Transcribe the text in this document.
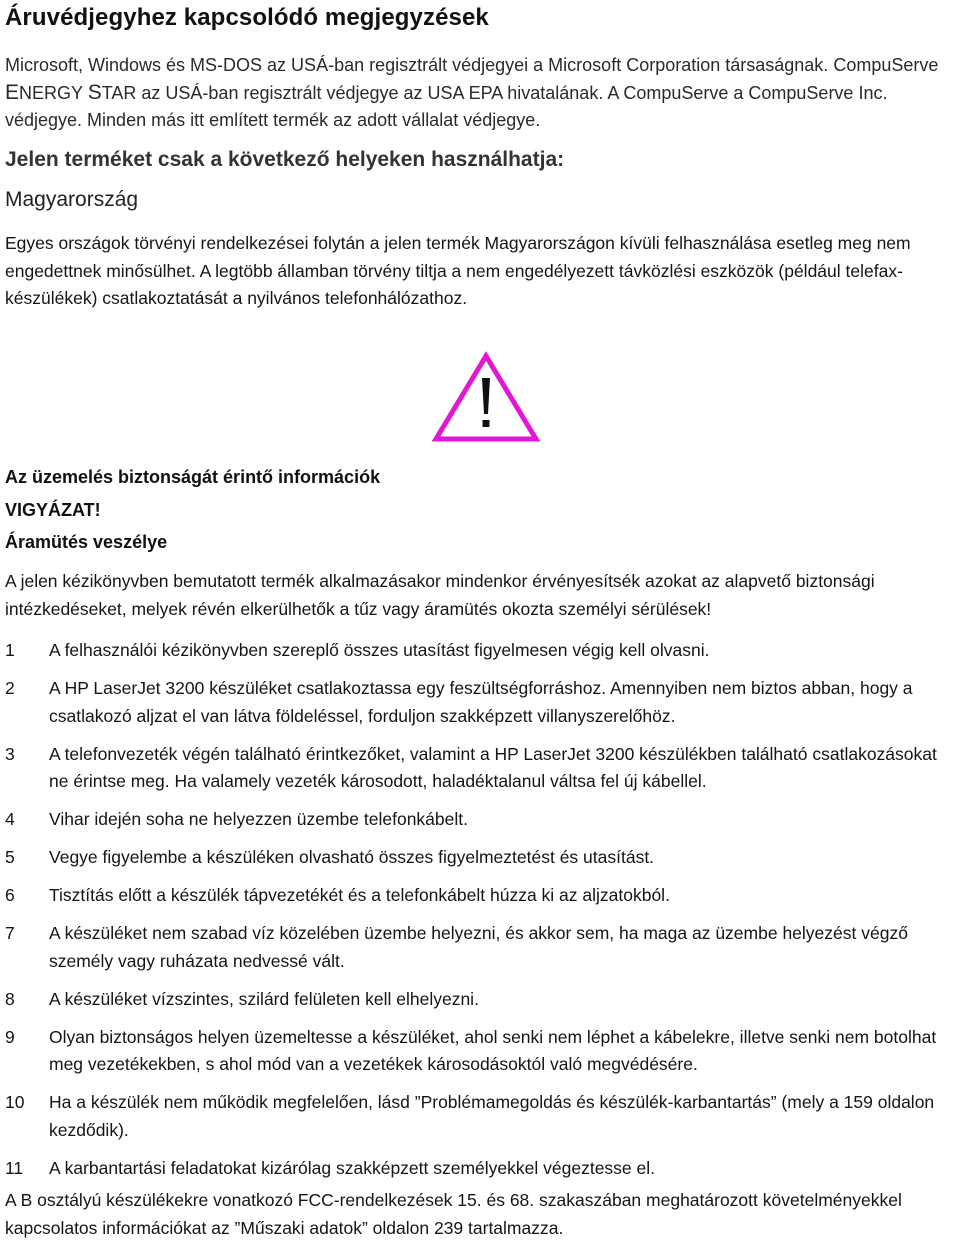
Áruvédjegyhez kapcsolódó megjegyzések
Microsoft, Windows és MS-DOS az USÁ-ban regisztrált védjegyei a Microsoft Corporation társaságnak. CompuServe ENERGY STAR az USÁ-ban regisztrált védjegye az USA EPA hivatalának. A CompuServe a CompuServe Inc. védjegye. Minden más itt említett termék az adott vállalat védjegye.
Jelen terméket csak a következő helyeken használhatja:
Magyarország
Egyes országok törvényi rendelkezései folytán a jelen termék Magyarországon kívüli felhasználása esetleg meg nem engedettnek minősülhet. A legtöbb államban törvény tiltja a nem engedélyezett távközlési eszközök (például telefax-készülékek) csatlakoztatását a nyilvános telefonhálózathoz.
Az üzemelés biztonságát érintő információk
VIGYÁZAT!
Áramütés veszélye
A jelen kézikönyvben bemutatott termék alkalmazásakor mindenkor érvényesítsék azokat az alapvető biztonsági intézkedéseket, melyek révén elkerülhetők a tűz vagy áramütés okozta személyi sérülések!
1	A felhasználói kézikönyvben szereplő összes utasítást figyelmesen végig kell olvasni.
2	A HP LaserJet 3200 készüléket csatlakoztassa egy feszültségforráshoz. Amennyiben nem biztos abban, hogy a csatlakozó aljzat el van látva földeléssel, forduljon szakképzett villanyszerelőhöz.
3	A telefonvezeték végén található érintkezőket, valamint a HP LaserJet 3200 készülékben található csatlakozásokat ne érintse meg. Ha valamely vezeték károsodott, haladéktalanul váltsa fel új kábellel.
4	Vihar idején soha ne helyezzen üzembe telefonkábelt.
5	Vegye figyelembe a készüléken olvasható összes figyelmeztetést és utasítást.
6	Tisztítás előtt a készülék tápvezetékét és a telefonkábelt húzza ki az aljzatokból.
7	A készüléket nem szabad víz közelében üzembe helyezni, és akkor sem, ha maga az üzembe helyezést végző személy vagy ruházata nedvessé vált.
8	A készüléket vízszintes, szilárd felületen kell elhelyezni.
9	Olyan biztonságos helyen üzemeltesse a készüléket, ahol senki nem léphet a kábelekre, illetve senki nem botolhat meg vezetékekben, s ahol mód van a vezetékek károsodásoktól való megvédésére.
10	Ha a készülék nem működik megfelelően, lásd ”Problémamegoldás és készülék-karbantartás” (mely a 159 oldalon kezdődik).
11	A karbantartási feladatokat kizárólag szakképzett személyekkel végeztesse el.
A B osztályú készülékekre vonatkozó FCC-rendelkezések 15. és 68. szakaszában meghatározott követelményekkel kapcsolatos információkat az ”Műszaki adatok” oldalon 239 tartalmazza.
